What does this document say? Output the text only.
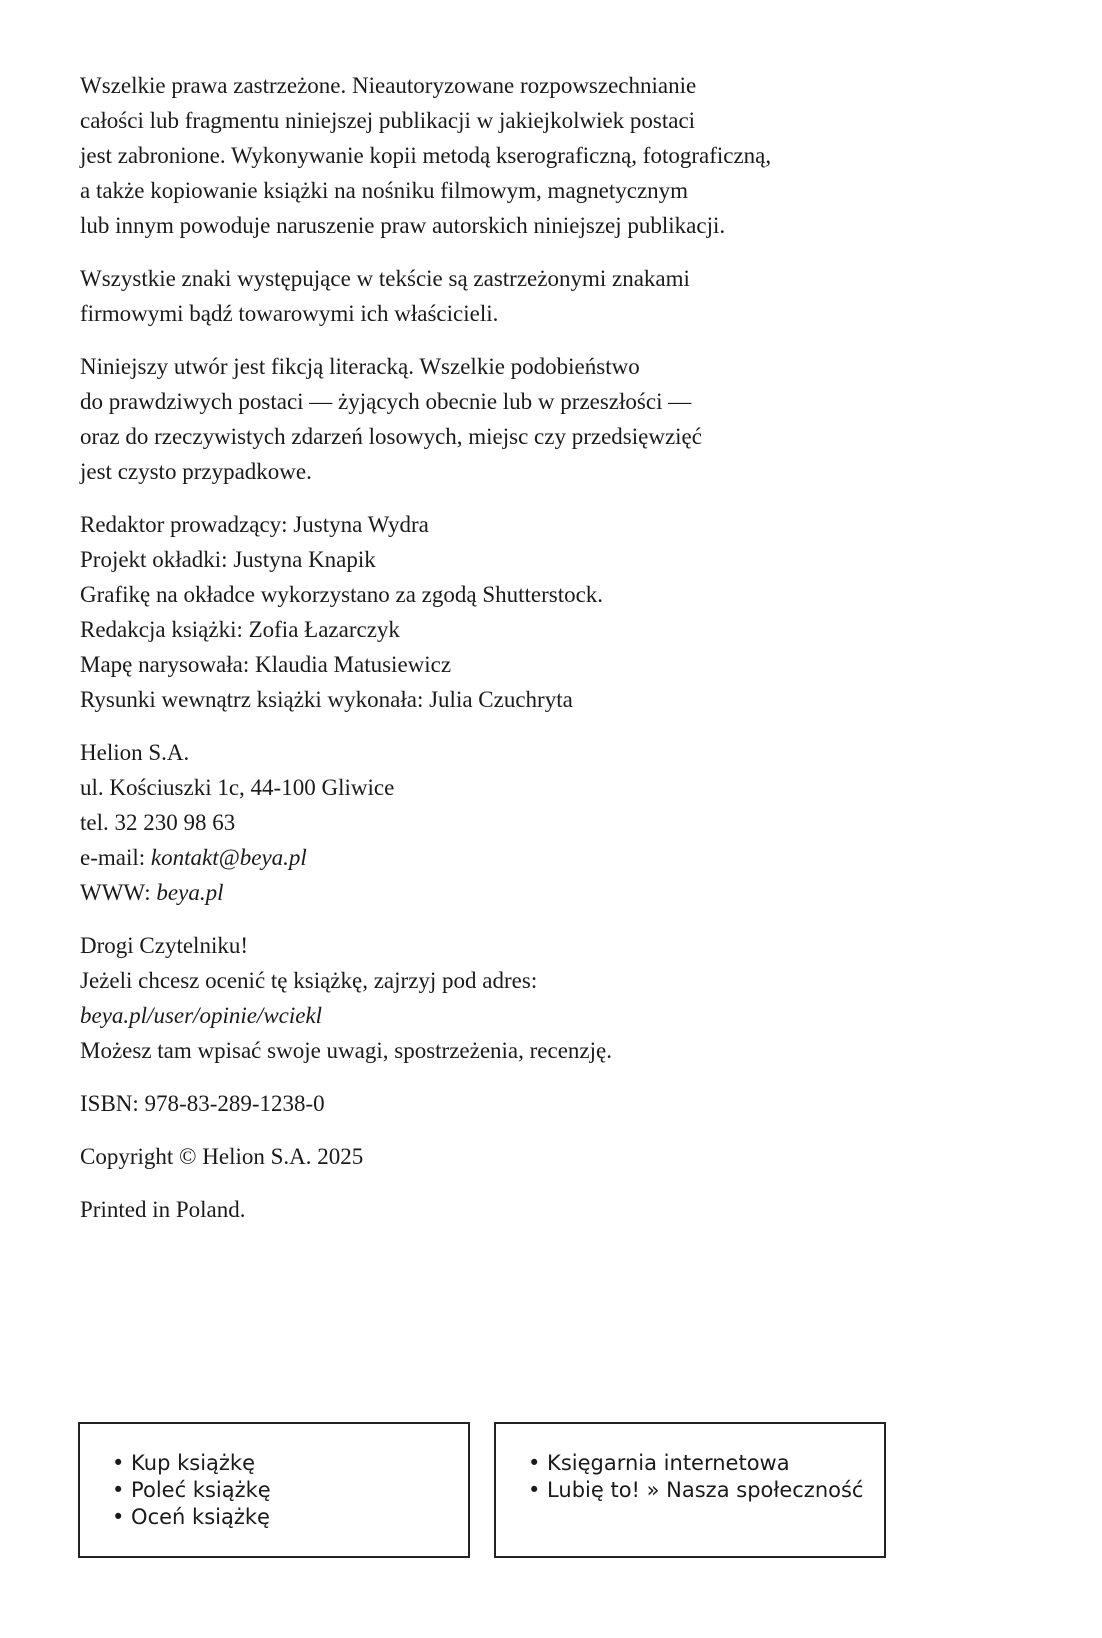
Wszelkie prawa zastrzeżone. Nieautoryzowane rozpowszechnianie
całości lub fragmentu niniejszej publikacji w jakiejkolwiek postaci
jest zabronione. Wykonywanie kopii metodą kserograficzną, fotograficzną,
a także kopiowanie książki na nośniku filmowym, magnetycznym
lub innym powoduje naruszenie praw autorskich niniejszej publikacji.

Wszystkie znaki występujące w tekście są zastrzeżonymi znakami
firmowymi bądź towarowymi ich właścicieli.

Niniejszy utwór jest fikcją literacką. Wszelkie podobieństwo
do prawdziwych postaci — żyjących obecnie lub w przeszłości —
oraz do rzeczywistych zdarzeń losowych, miejsc czy przedsięwzięć
jest czysto przypadkowe.

Redaktor prowadzący: Justyna Wydra
Projekt okładki: Justyna Knapik
Grafikę na okładce wykorzystano za zgodą Shutterstock.
Redakcja książki: Zofia Łazarczyk
Mapę narysowała: Klaudia Matusiewicz
Rysunki wewnątrz książki wykonała: Julia Czuchryta

Helion S.A.
ul. Kościuszki 1c, 44-100 Gliwice
tel. 32 230 98 63
e-mail: kontakt@beya.pl
WWW: beya.pl

Drogi Czytelniku!
Jeżeli chcesz ocenić tę książkę, zajrzyj pod adres:
beya.pl/user/opinie/wciekl
Możesz tam wpisać swoje uwagi, spostrzeżenia, recenzję.

ISBN: 978-83-289-1238-0

Copyright © Helion S.A. 2025

Printed in Poland.

• Kup książkę
• Poleć książkę
• Oceń książkę
• Księgarnia internetowa
• Lubię to! » Nasza społeczność
